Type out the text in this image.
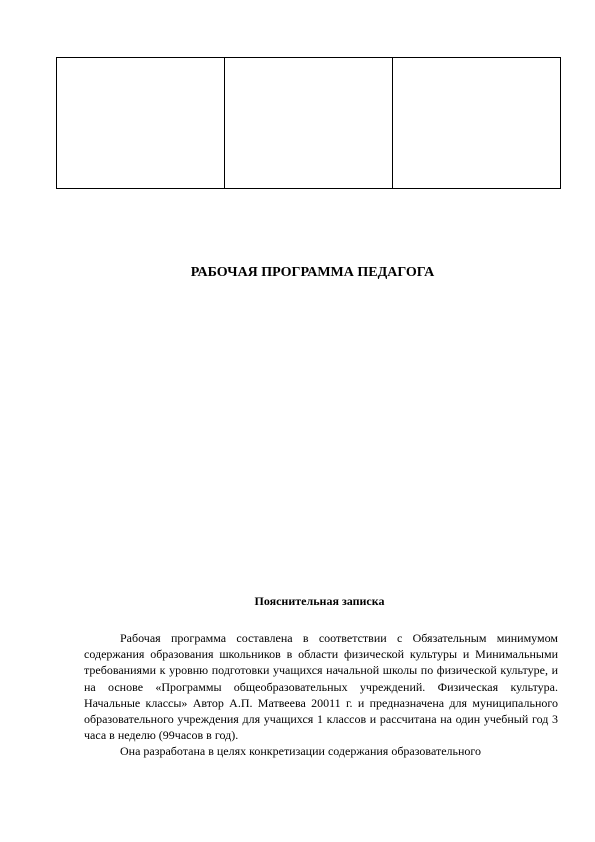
РАБОЧАЯ ПРОГРАММА ПЕДАГОГА
Пояснительная записка

Рабочая программа составлена в соответствии с Обязательным минимумом содержания образования школьников в области физической культуры и Минимальными требованиями к уровню подготовки учащихся начальной школы по физической культуре, и на основе «Программы общеобразовательных учреждений. Физическая культура. Начальные классы» Автор А.П. Матвеева 20011 г. и предназначена для муниципального образовательного учреждения для учащихся 1 классов и рассчитана на один учебный год 3 часа в неделю (99часов в год).

Она разработана в целях конкретизации содержания образовательного
